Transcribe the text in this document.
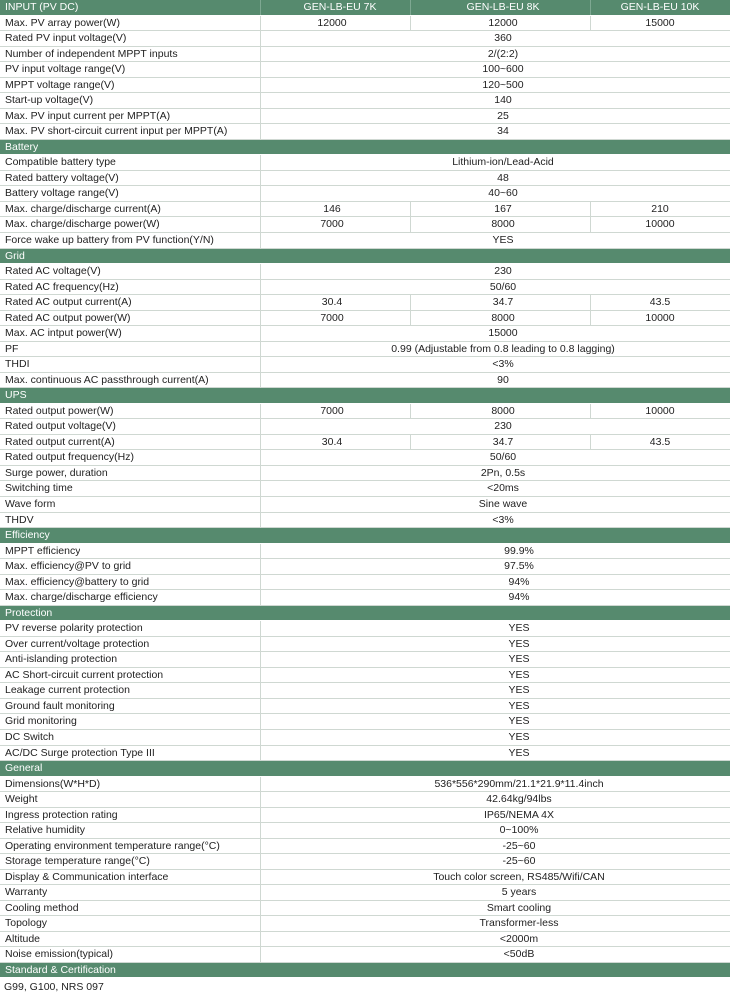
INPUT (PV DC)	GEN-LB-EU 7K	GEN-LB-EU 8K	GEN-LB-EU 10K
Max. PV array power(W)	12000	12000	15000
Rated PV input voltage(V)	360
Number of independent MPPT inputs	2/(2:2)
PV input voltage range(V)	100~600
MPPT voltage range(V)	120~500
Start-up voltage(V)	140
Max. PV input current per MPPT(A)	25
Max. PV short-circuit current input per MPPT(A)	34
Battery
Compatible battery type	Lithium-ion/Lead-Acid
Rated battery voltage(V)	48
Battery voltage range(V)	40~60
Max. charge/discharge current(A)	146	167	210
Max. charge/discharge power(W)	7000	8000	10000
Force wake up battery from PV function(Y/N)	YES
Grid
Rated AC voltage(V)	230
Rated AC frequency(Hz)	50/60
Rated AC output current(A)	30.4	34.7	43.5
Rated AC output power(W)	7000	8000	10000
Max. AC intput power(W)	15000
PF	0.99 (Adjustable from 0.8 leading to 0.8 lagging)
THDI	<3%
Max. continuous AC passthrough current(A)	90
UPS
Rated output power(W)	7000	8000	10000
Rated output voltage(V)	230
Rated output current(A)	30.4	34.7	43.5
Rated output frequency(Hz)	50/60
Surge power, duration	2Pn, 0.5s
Switching time	<20ms
Wave form	Sine wave
THDV	<3%
Efficiency
MPPT efficiency	99.9%
Max. efficiency@PV to grid	97.5%
Max. efficiency@battery to grid	94%
Max. charge/discharge efficiency	94%
Protection
PV reverse polarity protection	YES
Over current/voltage protection	YES
Anti-islanding protection	YES
AC Short-circuit current protection	YES
Leakage current protection	YES
Ground fault monitoring	YES
Grid monitoring	YES
DC Switch	YES
AC/DC Surge protection Type III	YES
General
Dimensions(W*H*D)	536*556*290mm/21.1*21.9*11.4inch
Weight	42.64kg/94lbs
Ingress protection rating	IP65/NEMA 4X
Relative humidity	0~100%
Operating environment temperature range(°C)	-25~60
Storage temperature range(°C)	-25~60
Display & Communication interface	Touch color screen, RS485/Wifi/CAN
Warranty	5 years
Cooling method	Smart cooling
Topology	Transformer-less
Altitude	<2000m
Noise emission(typical)	<50dB
Standard & Certification
G99, G100, NRS 097
